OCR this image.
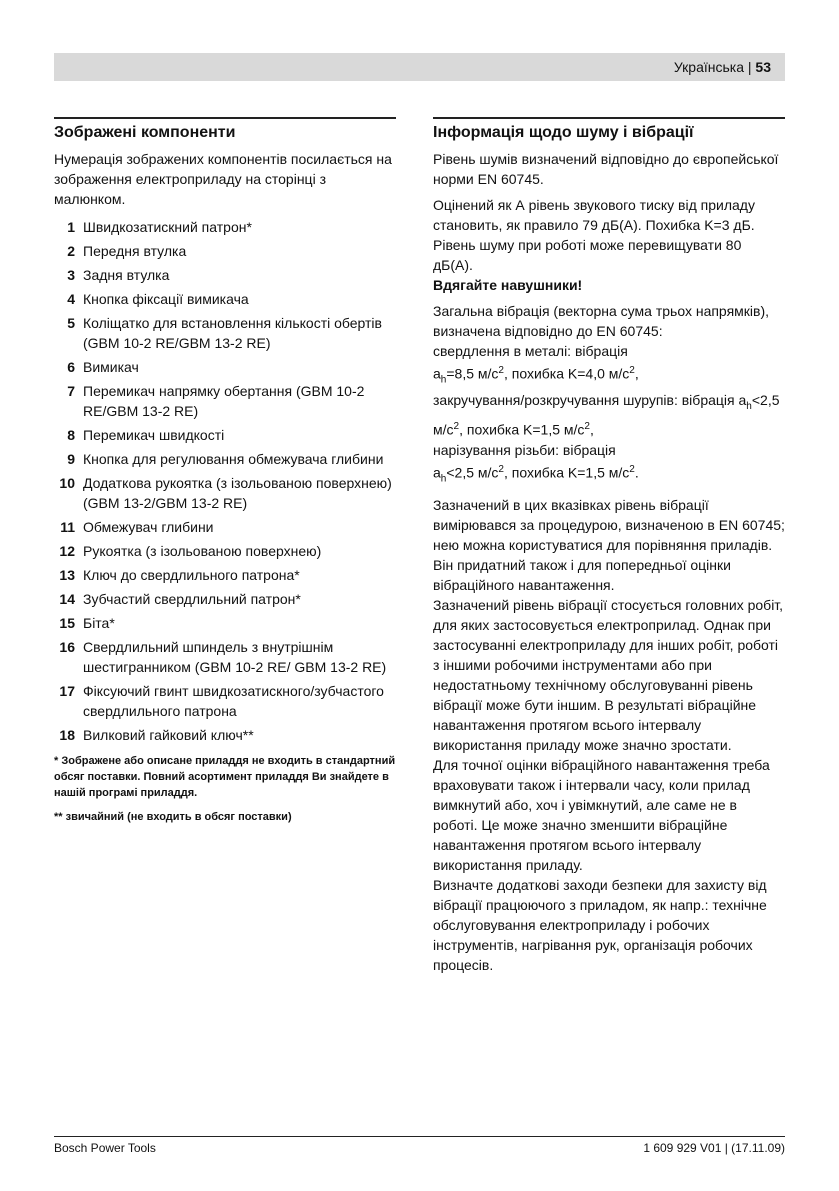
Українська | 53
Зображені компоненти

Нумерація зображених компонентів посилається на зображення електроприладу на сторінці з малюнком.

1 Швидкозатискний патрон*
2 Передня втулка
3 Задня втулка
4 Кнопка фіксації вимикача
5 Коліщатко для встановлення кількості обертів (GBM 10-2 RE/GBM 13-2 RE)
6 Вимикач
7 Перемикач напрямку обертання (GBM 10-2 RE/GBM 13-2 RE)
8 Перемикач швидкості
9 Кнопка для регулювання обмежувача глибини
10 Додаткова рукоятка (з ізольованою поверхнею) (GBM 13-2/GBM 13-2 RE)
11 Обмежувач глибини
12 Рукоятка (з ізольованою поверхнею)
13 Ключ до свердлильного патрона*
14 Зубчастий свердлильний патрон*
15 Біта*
16 Свердлильний шпиндель з внутрішнім шестигранником (GBM 10-2 RE/ GBM 13-2 RE)
17 Фіксуючий гвинт швидкозатискного/зубчастого свердлильного патрона
18 Вилковий гайковий ключ**

* Зображене або описане приладдя не входить в стандартний обсяг поставки. Повний асортимент приладдя Ви знайдете в нашій програмі приладдя.

** звичайний (не входить в обсяг поставки)

Інформація щодо шуму і вібрації

Рівень шумів визначений відповідно до європейської норми EN 60745.

Оцінений як А рівень звукового тиску від приладу становить, як правило 79 дБ(A). Похибка K=3 дБ.

Рівень шуму при роботі може перевищувати 80 дБ(A).

Вдягайте навушники!

Загальна вібрація (векторна сума трьох напрямків), визначена відповідно до EN 60745:

свердлення в металі: вібрація

$a_h=8,5$ $м/с^2$, похибка K=4,0 $м/с^2$,

закручування/розкручування шурупів: вібрація $a_h<2,5$ $м/с^2$, похибка K=1,5 $м/с^2$,

нарізування різьби: вібрація

$a_h<2,5$ $м/с^2$, похибка K=1,5 $м/с^2$.

Зазначений в цих вказівках рівень вібрації вимірювався за процедурою, визначеною в EN 60745; нею можна користуватися для порівняння приладів. Він придатний також і для попередньої оцінки вібраційного навантаження.

Зазначений рівень вібрації стосується головних робіт, для яких застосовується електроприлад. Однак при застосуванні електроприладу для інших робіт, роботі з іншими робочими інструментами або при недостатньому технічному обслуговуванні рівень вібрації може бути іншим. В результаті вібраційне навантаження протягом всього інтервалу використання приладу може значно зростати.

Для точної оцінки вібраційного навантаження треба враховувати також і інтервали часу, коли прилад вимкнутий або, хоч і увімкнутий, але саме не в роботі. Це може значно зменшити вібраційне навантаження протягом всього інтервалу використання приладу.

Визначте додаткові заходи безпеки для захисту від вібрації працюючого з приладом, як напр.: технічне обслуговування електроприладу і робочих інструментів, нагрівання рук, організація робочих процесів.

Bosch Power Tools	1 609 929 V01 | (17.11.09)
